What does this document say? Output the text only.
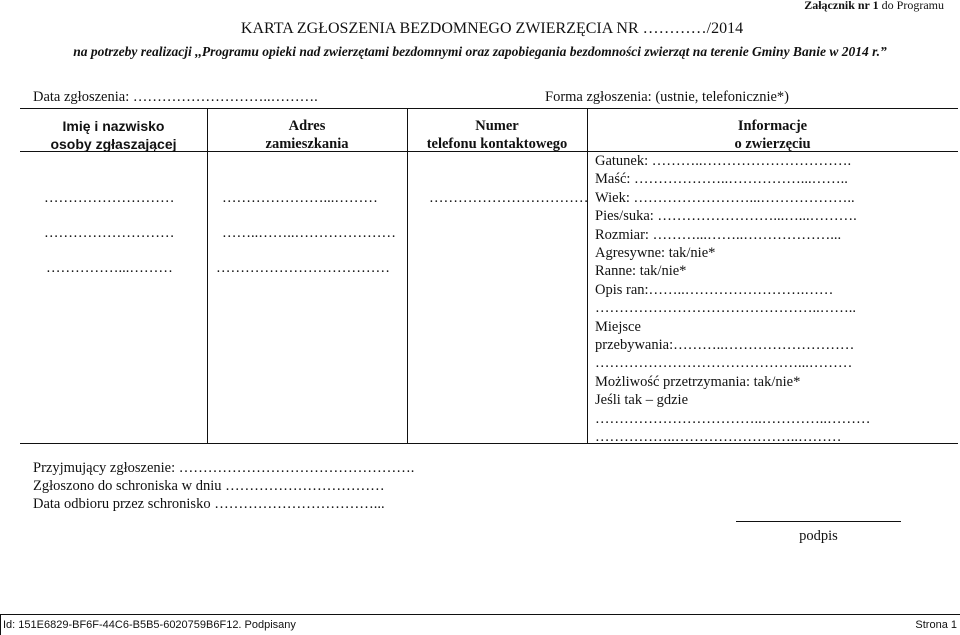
Załącznik nr 1 do Programu
KARTA ZGŁOSZENIA BEZDOMNEGO ZWIERZĘCIA NR …………/2014
na potrzeby realizacji ,,Programu opieki nad zwierzętami bezdomnymi oraz zapobiegania bezdomności zwierząt na terenie Gminy Banie w 2014 r.”
Data zgłoszenia: ………………………..……….	Forma zgłoszenia: (ustnie, telefonicznie*)
Imię i nazwisko
osoby zgłaszającej
Adres
zamieszkania
Numer
telefonu kontaktowego
Informacje
o zwierzęciu
………………………
………………………
……………...………
…………………...………
……..……..…………………
………………………………
……………………………
Gatunek: ………..………………………….
Maść: ………………..……………...……..
Wiek: ……………………...………………..
Pies/suka: ……………………...…...……….
Rozmiar: ………...……..………………...
Agresywne: tak/nie*
Ranne: tak/nie*
Opis ran:……..…………………….……
………………………………………..……..
Miejsce
przebywania:………..………………………
……………………………………...………
Możliwość przetrzymania: tak/nie*
Jeśli tak – gdzie
……………………………..…………..………
……………..……………………..………
Przyjmujący zgłoszenie: ………………………………………….
Zgłoszono do schroniska w dniu ……………………………
Data odbioru przez schronisko ……………………………...
podpis
Id: 151E6829-BF6F-44C6-B5B5-6020759B6F12. Podpisany	Strona 1
